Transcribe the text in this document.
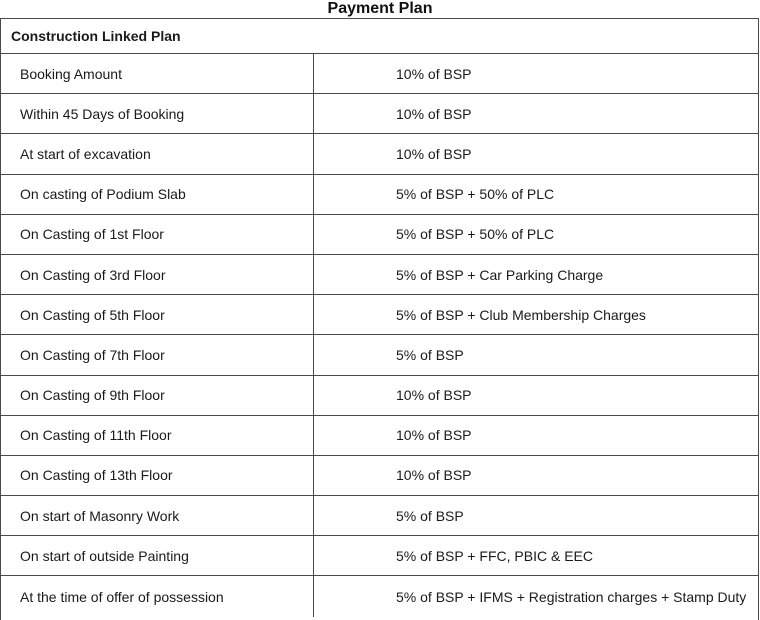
Payment Plan
Construction Linked Plan
Booking Amount	10% of BSP
Within 45 Days of Booking	10% of BSP
At start of excavation	10% of BSP
On casting of Podium Slab	5% of BSP + 50% of PLC
On Casting of 1st Floor	5% of BSP + 50% of PLC
On Casting of 3rd Floor	5% of BSP + Car Parking Charge
On Casting of 5th Floor	5% of BSP + Club Membership Charges
On Casting of 7th Floor	5% of BSP
On Casting of 9th Floor	10% of BSP
On Casting of 11th Floor	10% of BSP
On Casting of 13th Floor	10% of BSP
On start of Masonry Work	5% of BSP
On start of outside Painting	5% of BSP + FFC, PBIC & EEC
At the time of offer of possession	5% of BSP + IFMS + Registration charges + Stamp Duty
